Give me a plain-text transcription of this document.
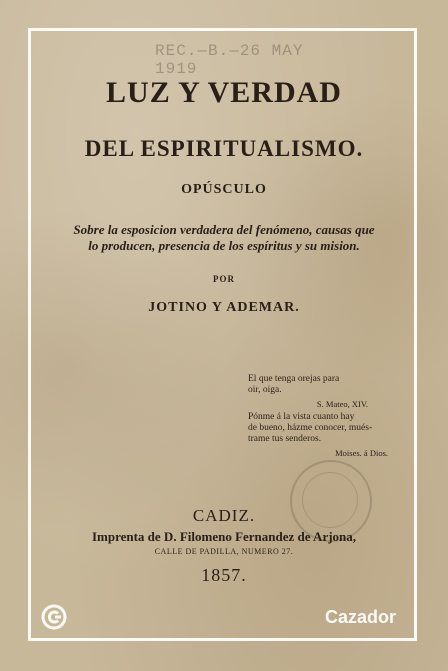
REC.—B.—26 MAY 1919
LUZ Y VERDAD
DEL ESPIRITUALISMO.
OPÚSCULO
Sobre la esposicion verdadera del fenómeno, causas que
lo producen, presencia de los espíritus y su mision.
POR
JOTINO Y ADEMAR.
El que tenga orejas para
oir, oiga.
S. Mateo, XIV.
Pónme á la vista cuanto hay
de bueno, házme conocer, mués-
trame tus senderos.
Moises. á Dios.
CADIZ.
Imprenta de D. Filomeno Fernandez de Arjona,
CALLE DE PADILLA, NUMERO 27.
1857.
Cazador
